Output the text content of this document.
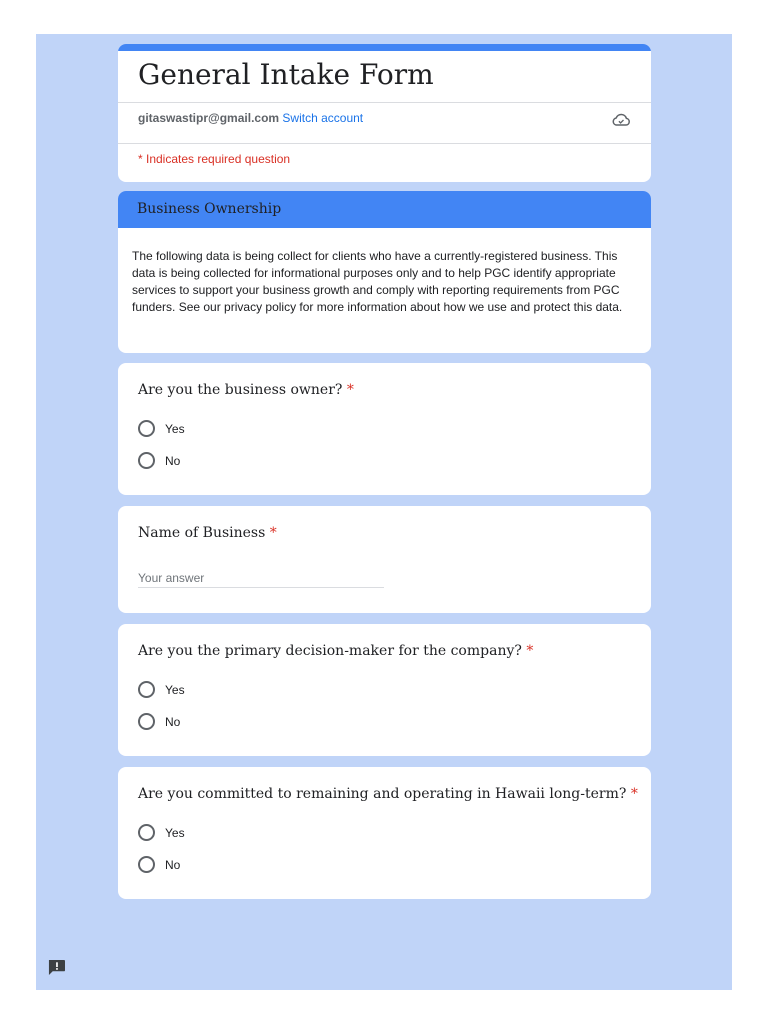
General Intake Form
gitaswastipr@gmail.com Switch account
* Indicates required question
Business Ownership
The following data is being collect for clients who have a currently-registered business. This data is being collected for informational purposes only and to help PGC identify appropriate services to support your business growth and comply with reporting requirements from PGC funders. See our privacy policy for more information about how we use and protect this data.
Are you the business owner? *
Yes
No
Name of Business *
Your answer
Are you the primary decision-maker for the company? *
Yes
No
Are you committed to remaining and operating in Hawaii long-term? *
Yes
No
